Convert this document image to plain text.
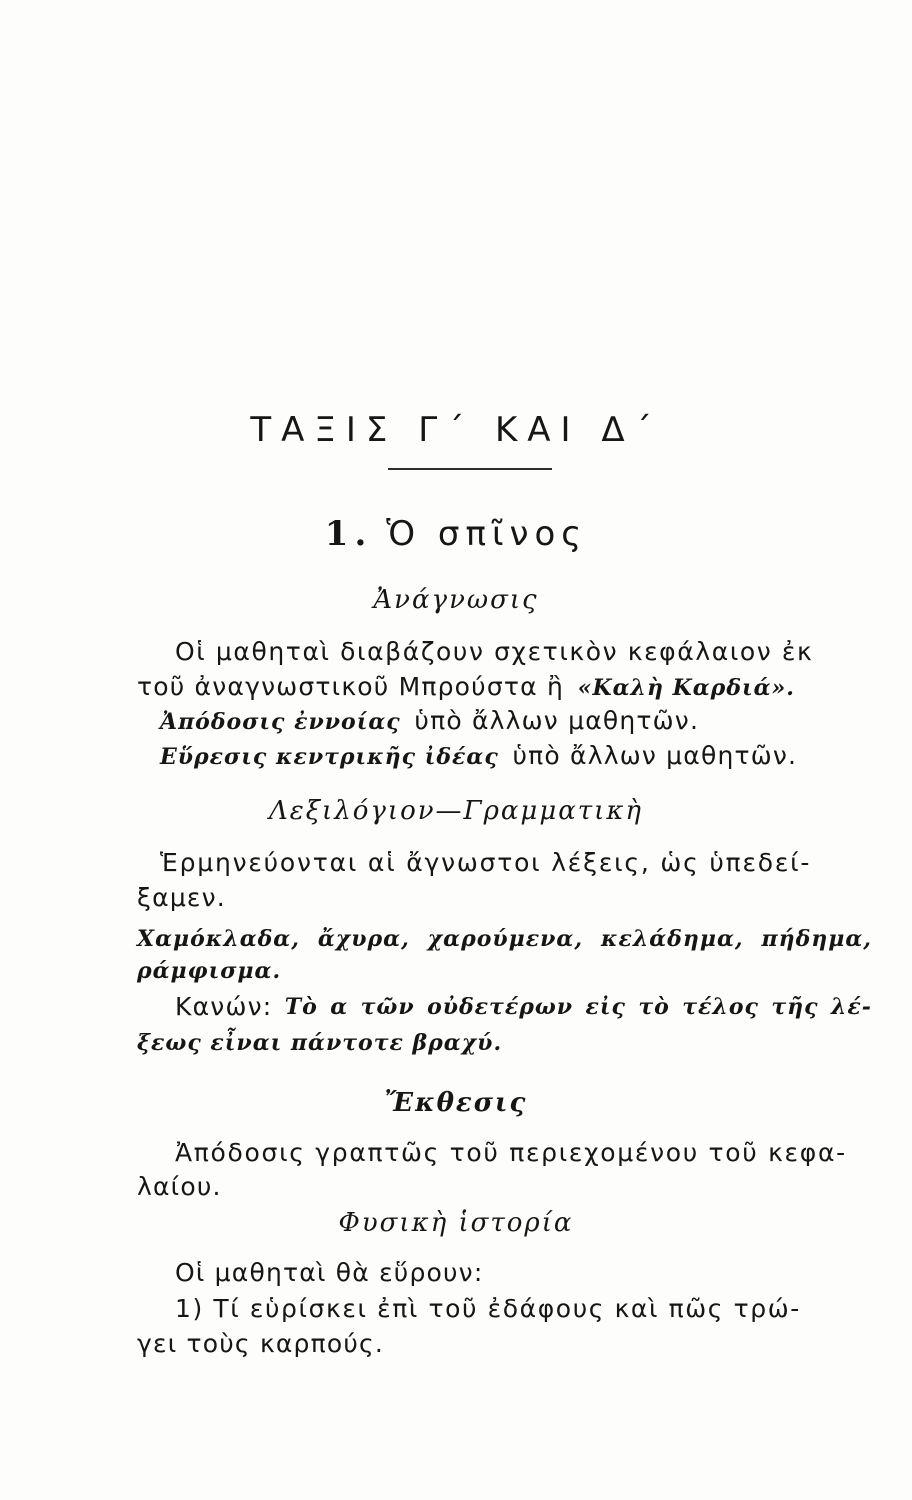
ΤΑΞΙΣ Γ΄ ΚΑΙ Δ΄
1. Ὁ σπῖνος
Ἀνάγνωσις
Οἱ μαθηταὶ διαβάζουν σχετικὸν κεφάλαιον ἐκ
τοῦ ἀναγνωστικοῦ Μπρούστα ἢ «Καλὴ Καρδιά».
Ἀπόδοσις ἐννοίας ὑπὸ ἄλλων μαθητῶν.
Εὕρεσις κεντρικῆς ἰδέας ὑπὸ ἄλλων μαθητῶν.
Λεξιλόγιον—Γραμματικὴ
Ἑρμηνεύονται αἱ ἄγνωστοι λέξεις, ὡς ὑπεδεί-
ξαμεν.
Χαμόκλαδα, ἄχυρα, χαρούμενα, κελάδημα, πήδημα,
ράμφισμα.
Κανών: Τὸ α τῶν οὐδετέρων εἰς τὸ τέλος τῆς λέ-
ξεως εἶναι πάντοτε βραχύ.
Ἔκθεσις
Ἀπόδοσις γραπτῶς τοῦ περιεχομένου τοῦ κεφα-
λαίου.
Φυσικὴ ἱστορία
Οἱ μαθηταὶ θὰ εὕρουν:
1) Τί εὑρίσκει ἐπὶ τοῦ ἐδάφους καὶ πῶς τρώ-
γει τοὺς καρπούς.
